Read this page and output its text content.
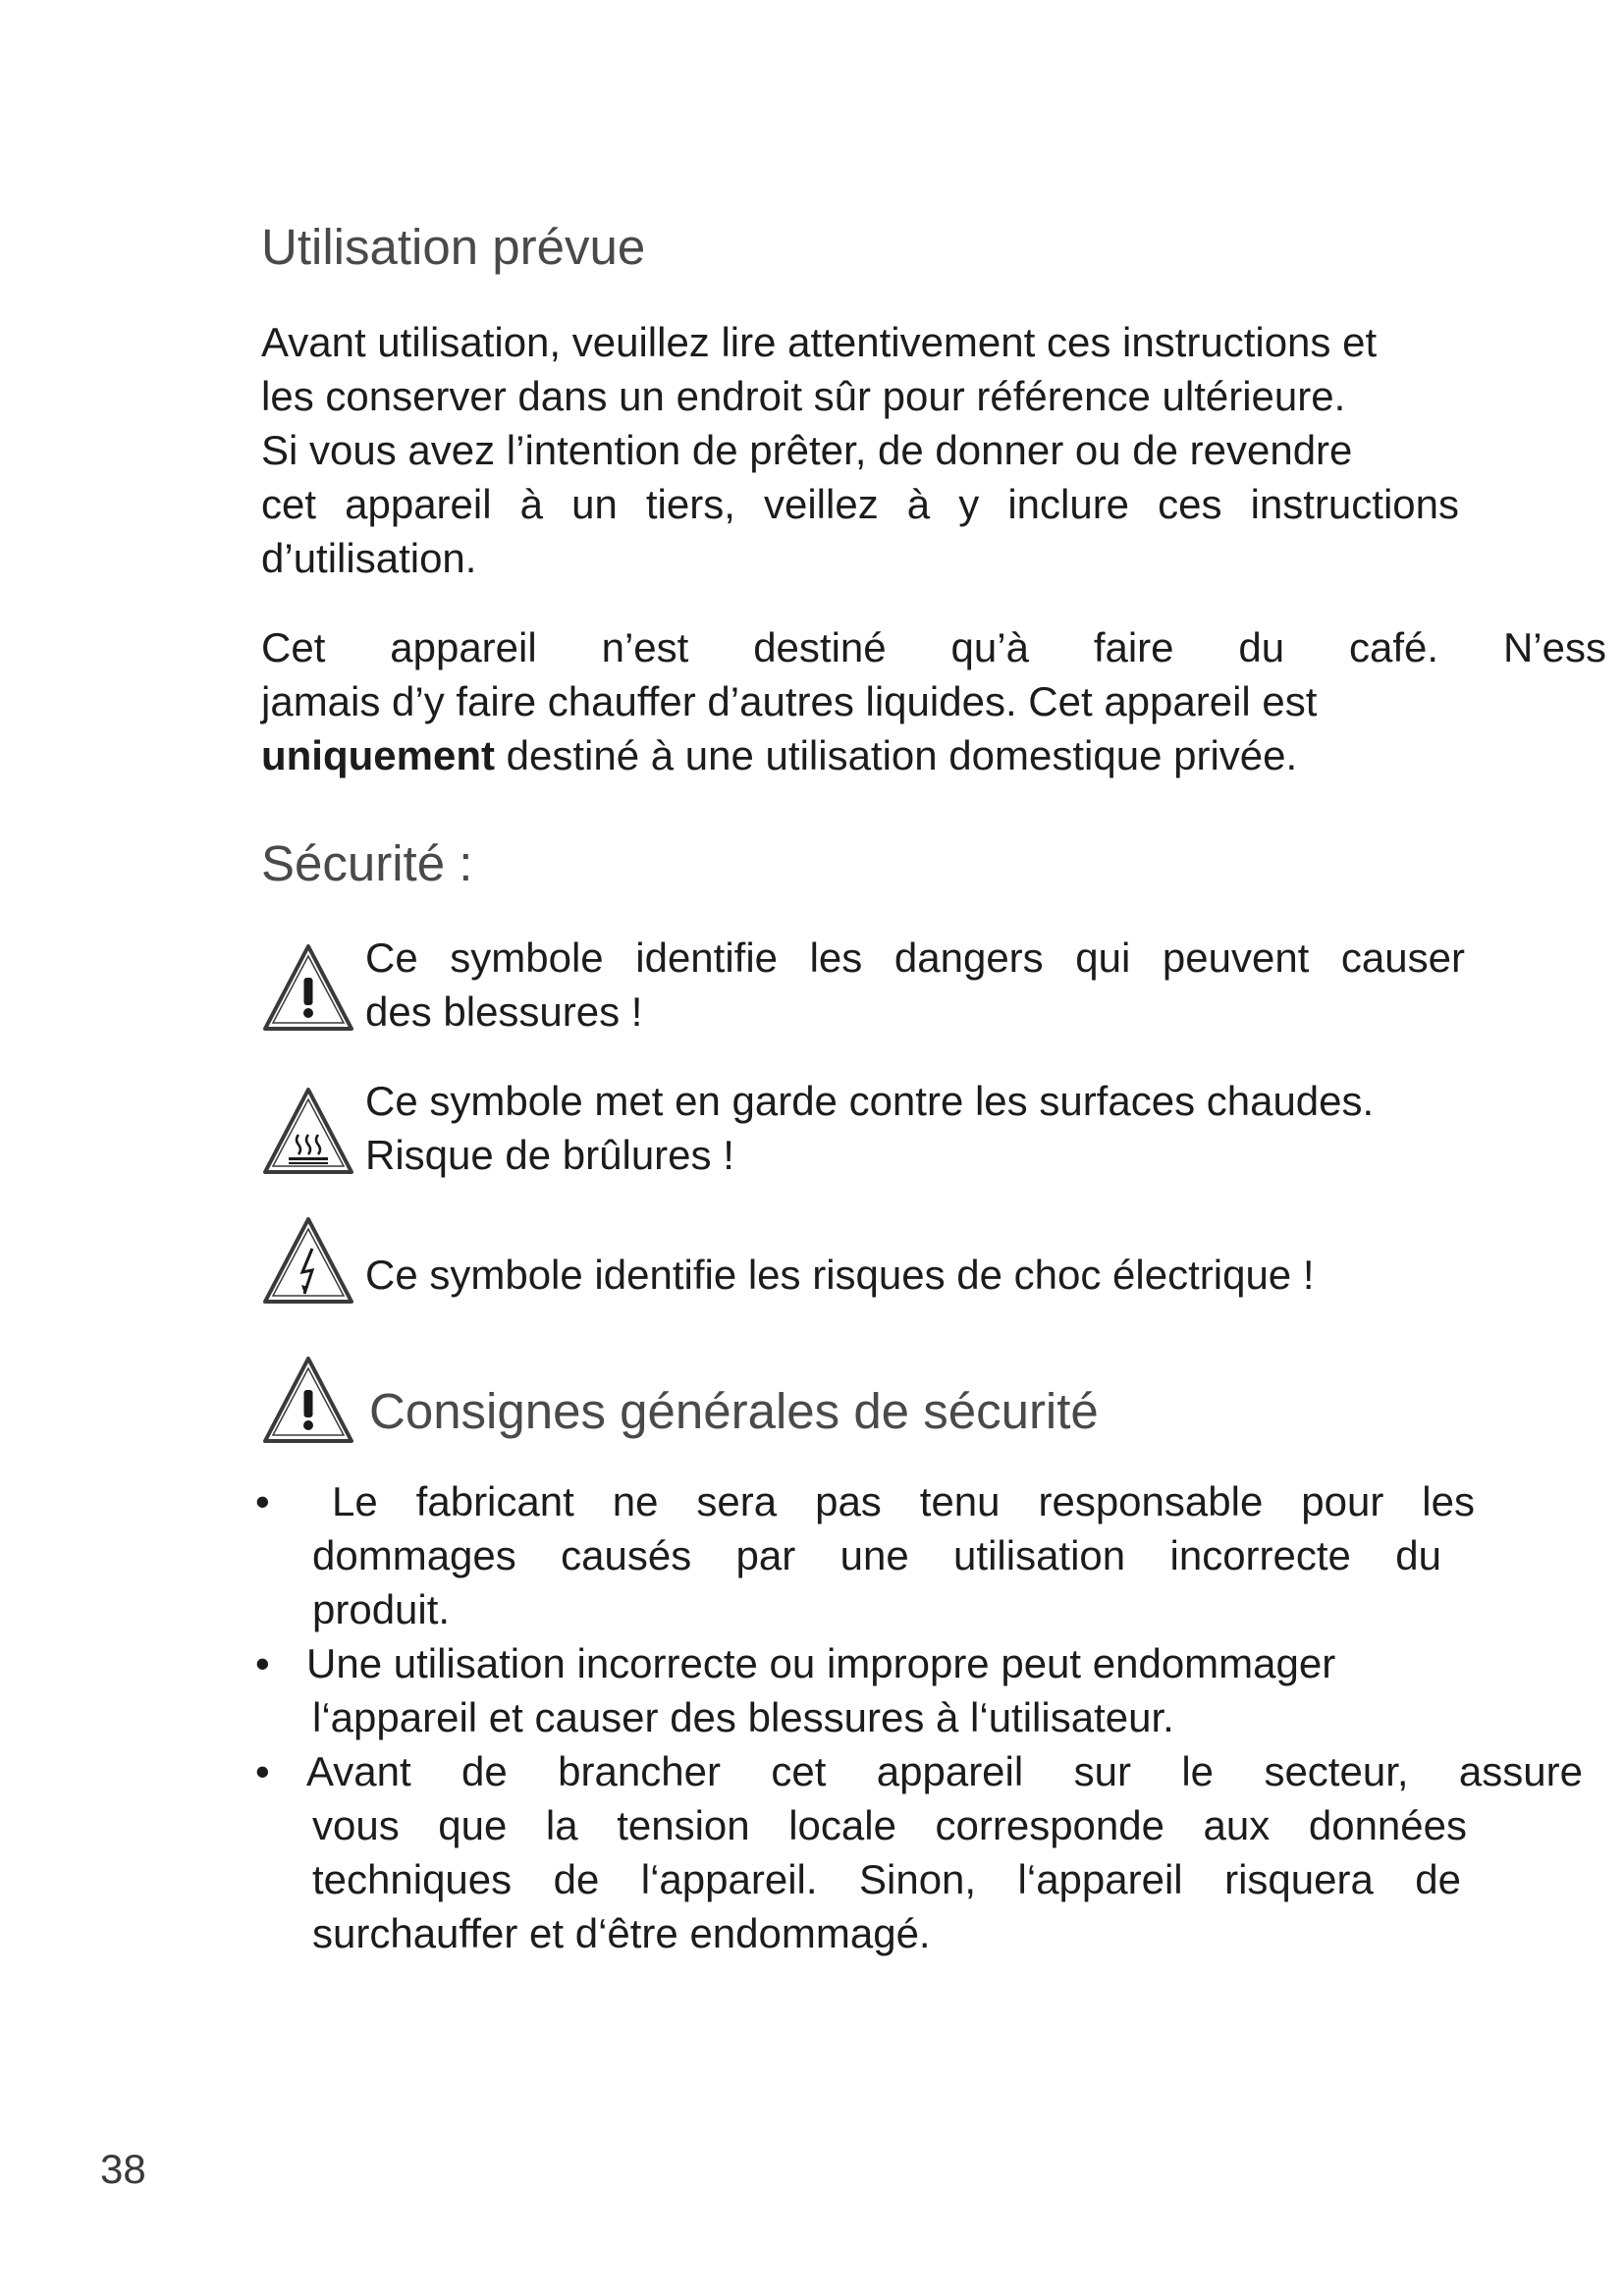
Utilisation prévue
Avant utilisation, veuillez lire attentivement ces instructions et
les conserver dans un endroit sûr pour référence ultérieure.
Si vous avez l’intention de prêter, de donner ou de revendre
cet appareil à un tiers, veillez à y inclure ces instructions
d’utilisation.
Cet appareil n’est destiné qu’à faire du café. N’ess
jamais d’y faire chauffer d’autres liquides. Cet appareil est
uniquement destiné à une utilisation domestique privée.
Sécurité :
Ce symbole identifie les dangers qui peuvent causer
des blessures !
Ce symbole met en garde contre les surfaces chaudes.
Risque de brûlures !
Ce symbole identifie les risques de choc électrique !
Consignes générales de sécurité
•	Le fabricant ne sera pas tenu responsable pour les
dommages causés par une utilisation incorrecte du
produit.
• Une utilisation incorrecte ou impropre peut endommager
l‘appareil et causer des blessures à l‘utilisateur.
• Avant de brancher cet appareil sur le secteur, assure
vous que la tension locale corresponde aux données
techniques de l‘appareil. Sinon, l‘appareil risquera de
surchauffer et d‘être endommagé.
38
